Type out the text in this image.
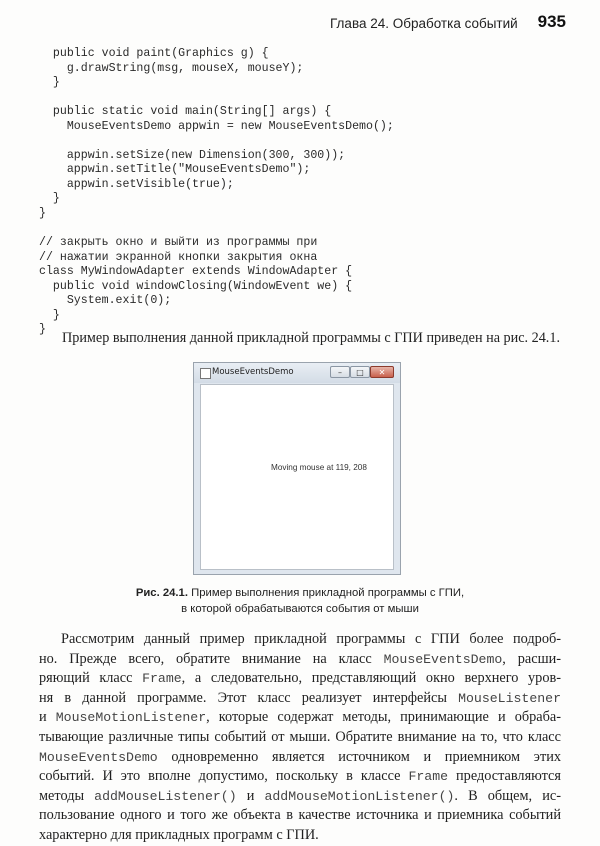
Глава 24. Обработка событий 935
public void paint(Graphics g) {
g.drawString(msg, mouseX, mouseY);
}
public static void main(String[] args) {
MouseEventsDemo appwin = new MouseEventsDemo();
appwin.setSize(new Dimension(300, 300));
appwin.setTitle("MouseEventsDemo");
appwin.setVisible(true);
}
}
// закрыть окно и выйти из программы при
// нажатии экранной кнопки закрытия окна
class MyWindowAdapter extends WindowAdapter {
public void windowClosing(WindowEvent we) {
System.exit(0);
}
}
Пример выполнения данной прикладной программы с ГПИ приведен на рис. 24.1.
MouseEventsDemo	–	□	✕
Moving mouse at 119, 208
Рис. 24.1. Пример выполнения прикладной программы с ГПИ,
в которой обрабатываются события от мыши
Рассмотрим данный пример прикладной программы с ГПИ более подроб-
но. Прежде всего, обратите внимание на класс MouseEventsDemo, расши-
ряющий класс Frame, а следовательно, представляющий окно верхнего уров-
ня в данной программе. Этот класс реализует интерфейсы MouseListener
и MouseMotionListener, которые содержат методы, принимающие и обраба-
тывающие различные типы событий от мыши. Обратите внимание на то, что класс
MouseEventsDemo одновременно является источником и приемником этих
событий. И это вполне допустимо, поскольку в классе Frame предоставляются
методы addMouseListener() и addMouseMotionListener(). В общем, ис-
пользование одного и того же объекта в качестве источника и приемника событий
характерно для прикладных программ с ГПИ.
